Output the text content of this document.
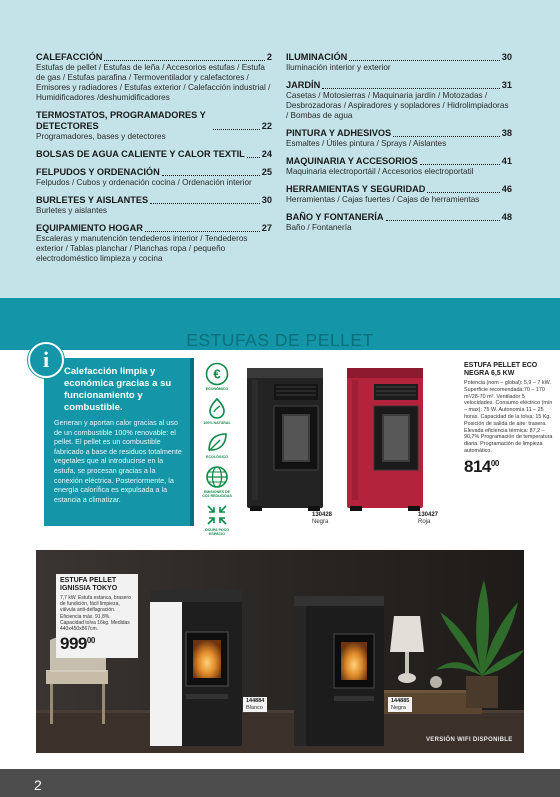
CALEFACCIÓN	2
Estufas de pellet / Estufas de leña / Accesorios estufas / Estufa de gas / Estufas parafina / Termoventilador y calefactores / Emisores y radiadores / Estufas exterior / Calefacción industrial / Humidificadores /deshumidificadores
TERMOSTATOS, PROGRAMADORES Y DETECTORES	22
Programadores, bases y detectores
BOLSAS DE AGUA CALIENTE Y CALOR TEXTIL 24
FELPUDOS Y ORDENACIÓN	25
Felpudos / Cubos y ordenación cocina / Ordenación interior
BURLETES Y AISLANTES	30
Burletes y aislantes
EQUIPAMIENTO HOGAR	27
Escaleras y manutención tendederos interior / Tendederos exterior / Tablas planchar / Planchas ropa / pequeño electrodoméstico limpieza y cocina
ILUMINACIÓN	30
Iluminación interior y exterior
JARDÍN	31
Casetas / Motosierras / Maquinaria jardín / Motozadas / Desbrozadoras / Aspiradores y sopladores / Hidrolimpiadoras / Bombas de agua
PINTURA Y ADHESIVOS	38
Esmaltes / Útiles pintura / Sprays / Aislantes
MAQUINARIA Y ACCESORIOS	41
Maquinaria electroportáil / Accesorios electroportatil
HERRAMIENTAS Y SEGURIDAD	46
Herramientas / Cajas fuertes / Cajas de herramientas
BAÑO Y FONTANERÍA	48
Baño / Fontanería
ESTUFAS DE PELLET
i	Calefacción limpia y económica gracias a su funcionamiento y combustible.
Generan y aportan calor gracias al uso de un combustible 100% renovable: el pellet. El pellet es un combustible fabricado a base de residuos totalmente vegetales que al introducirse en la estufa, se procesan gracias a la conexión eléctrica. Posteriormente, la energía calorífica es expulsada a la estancia a climatizar.
€
ECONÓMICO
100% NATURAL
ECOLÓGICO
EMISIONES DE CO2 REDUCIDAS
OCUPA POCO ESPACIO
130428
Negra
130427
Roja
ESTUFA PELLET ECO NEGRA 6,5 KW
Potencia (nom – global): 5,9 – 7 kW. Superficie recomendada:70 – 170 m²/28-70 m³. Ventilador 5 velocidades. Consumo eléctrico (mín – max): 75 W. Autonomía 11 – 25 horas. Capacidad de la tolva: 15 Kg. Posición de salida de aire: trasera. Elevada eficiencia térmica: 87,2 – 90,7% Programación de temperatura diaria. Programación de limpieza automático.
$814^{00}$
ESTUFA PELLET IGNISSIA TOKYO
7,7 kW. Estufa estanca, brasero de fundición, fácil limpieza, válvula anti-deflagración. Eficiencia máx. 91,8%. Capacidad tolva 16kg. Medidas 440x450x867cm.
$999^{00}$
144884
Blanco
144885
Negra
VERSIÓN WIFI DISPONIBLE
2
